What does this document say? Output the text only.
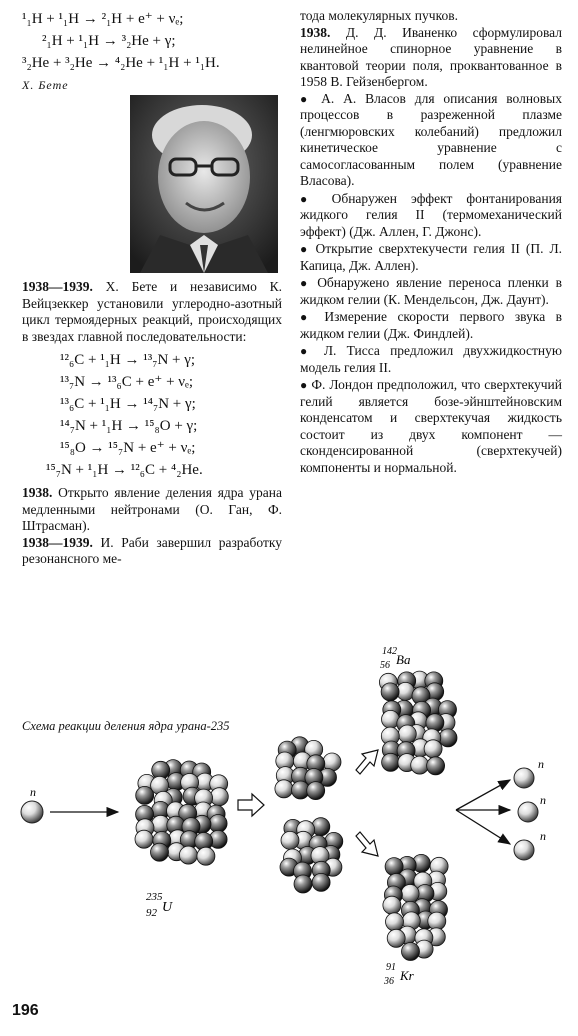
¹₁H + ¹₁H → ²₁H + e⁺ + νₑ;

²₁H + ¹₁H → ³₂He + γ;

³₂He + ³₂He → ⁴₂He + ¹₁H + ¹₁H.

Х. Бете

1938—1939. Х. Бете и независимо К. Вейцзеккер установили углеродно-азотный цикл термоядерных реакций, происходящих в звездах главной последовательности:

¹²₆C + ¹₁H → ¹³₇N + γ;

¹³₇N → ¹³₆C + e⁺ + νₑ;

¹³₆C + ¹₁H → ¹⁴₇N + γ;

¹⁴₇N + ¹₁H → ¹⁵₈O + γ;

¹⁵₈O → ¹⁵₇N + e⁺ + νₑ;

¹⁵₇N + ¹₁H → ¹²₆C + ⁴₂He.

1938. Открыто явление деления ядра урана медленными нейтронами (О. Ган, Ф. Штрасман).

1938—1939. И. Раби завершил разработку резонансного ме-

тода молекулярных пучков.

1938. Д. Д. Иваненко сформулировал нелинейное спинорное уравнение в квантовой теории поля, проквантованное в 1958 В. Гейзенбергом.

● А. А. Власов для описания волновых процессов в разреженной плазме (ленгмюровских колебаний) предложил кинетическое уравнение с самосогласованным полем (уравнение Власова).

● Обнаружен эффект фонтанирования жидкого гелия II (термомеханический эффект) (Дж. Аллен, Г. Джонс).

● Открытие сверхтекучести гелия II (П. Л. Капица, Дж. Аллен).

● Обнаружено явление переноса пленки в жидком гелии (К. Мендельсон, Дж. Даунт).

● Измерение скорости первого звука в жидком гелии (Дж. Финдлей).

● Л. Тисса предложил двухжидкостную модель гелия II.

● Ф. Лондон предположил, что сверхтекучий гелий является бозе-эйнштейновским конденсатом и сверхтекучая жидкость состоит из двух компонент — сконденсированной (сверхтекучей) компоненты и нормальной.

Схема реакции деления ядра урана-235

n
235
92 U
142
56 Ba
91
36 Kr
n
n
n
196
